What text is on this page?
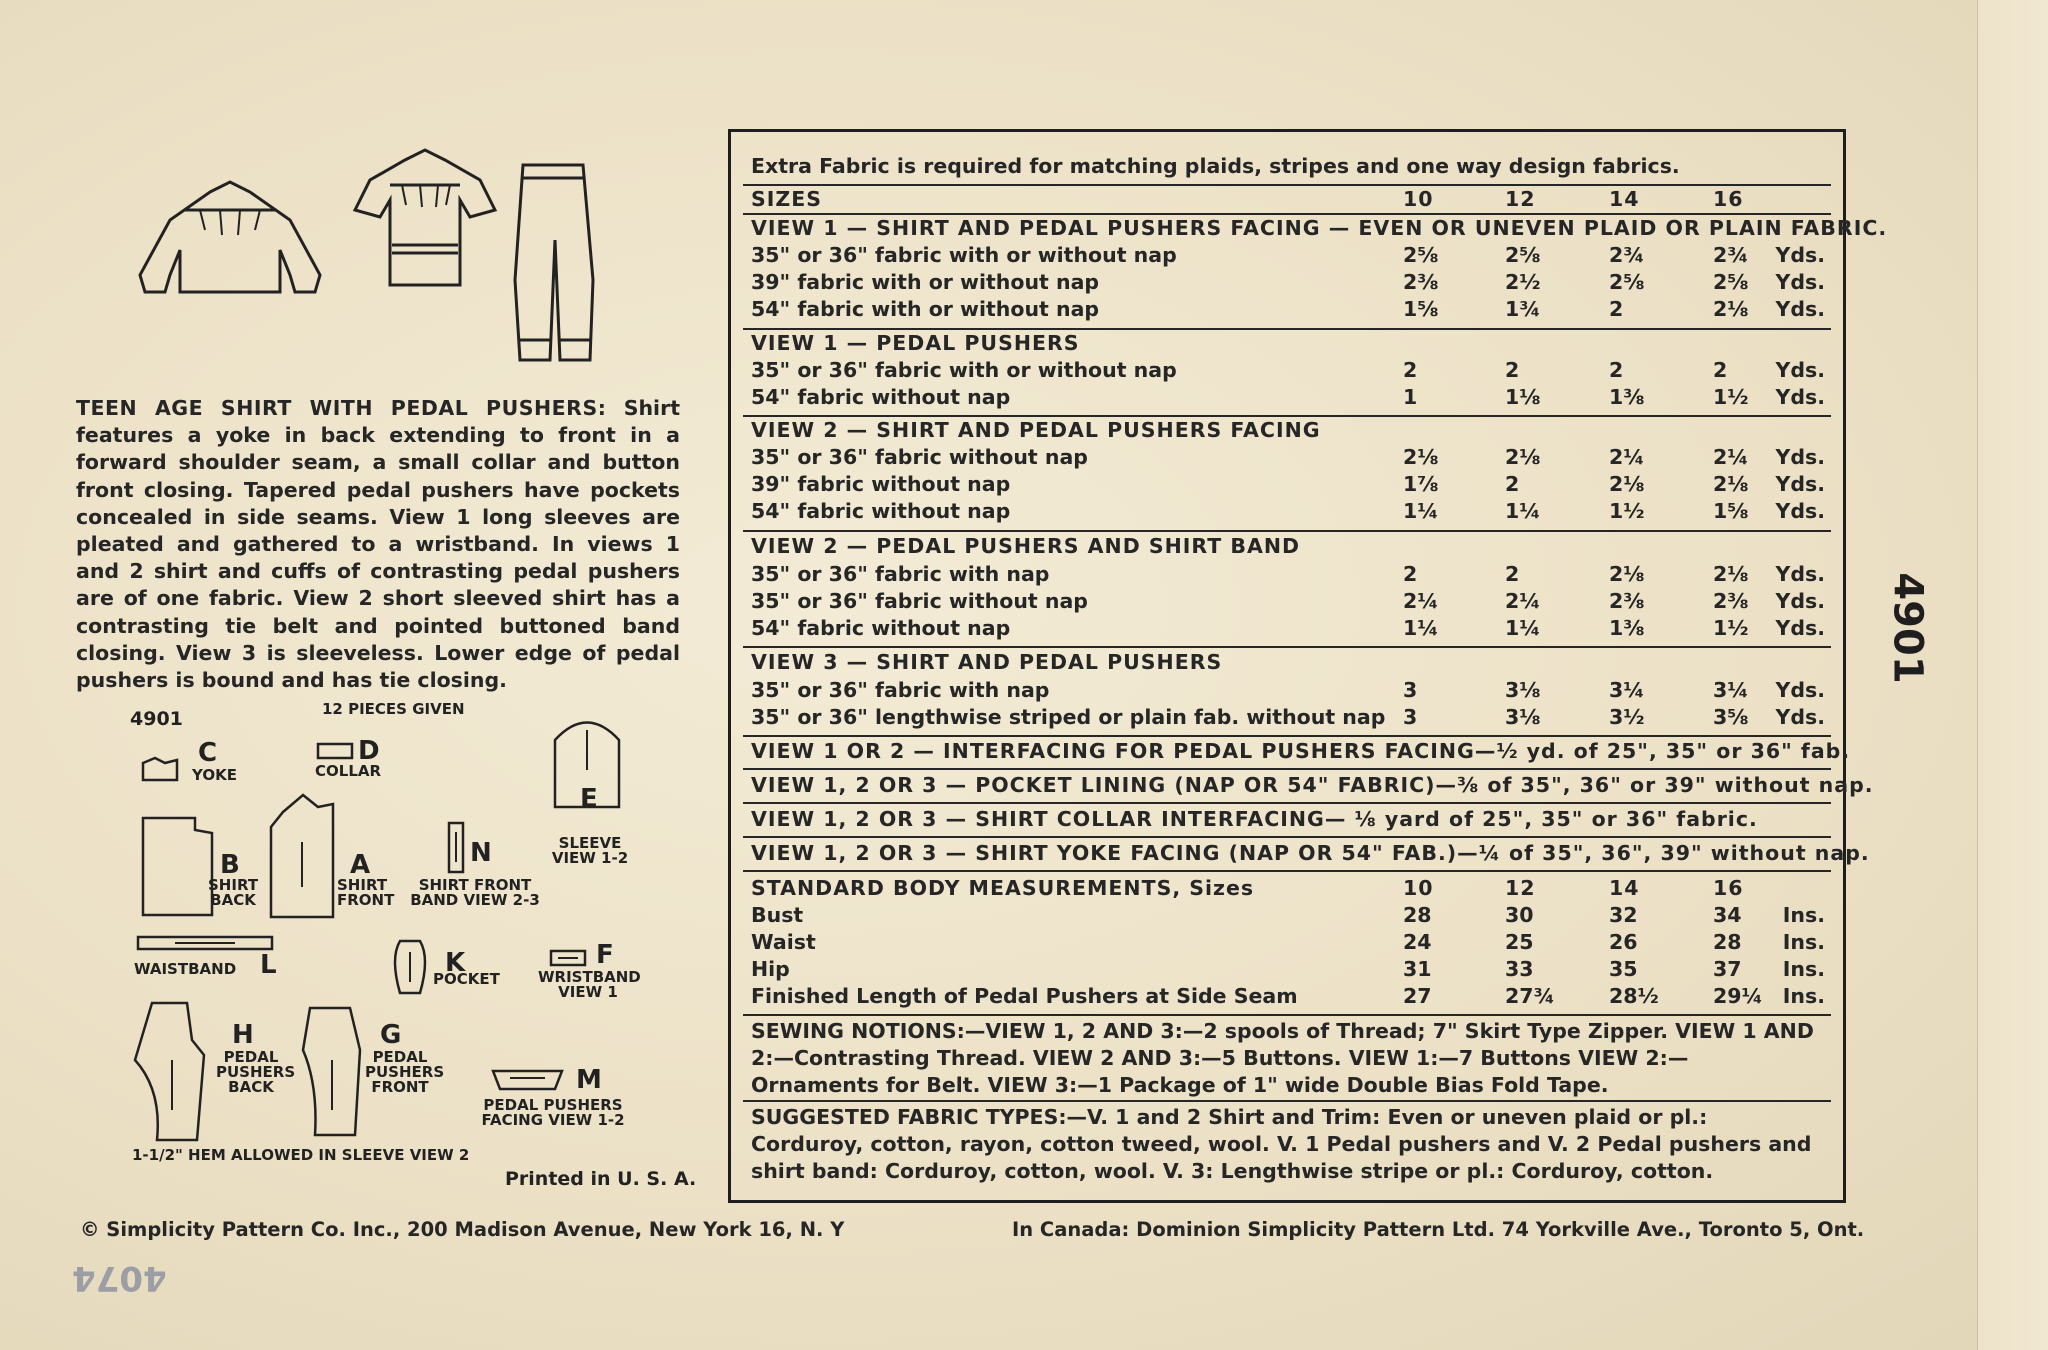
TEEN AGE SHIRT WITH PEDAL PUSHERS: Shirt features a yoke in back extending to front in a forward shoulder seam, a small collar and button front closing. Tapered pedal pushers have pockets concealed in side seams. View 1 long sleeves are pleated and gathered to a wristband. In views 1 and 2 shirt and cuffs of contrasting pedal pushers are of one fabric. View 2 short sleeved shirt has a contrasting tie belt and pointed buttoned band closing. View 3 is sleeveless. Lower edge of pedal pushers is bound and has tie closing.
4901	12 PIECES GIVEN
C
YOKE
D
COLLAR
E
SLEEVE VIEW 1-2
B
SHIRT BACK
A
SHIRT FRONT
N
SHIRT FRONT BAND VIEW 2-3
L
WAISTBAND	K
POCKET
F
WRISTBAND VIEW 1
H
PEDAL PUSHERS BACK
G
PEDAL PUSHERS FRONT	M
PEDAL PUSHERS FACING VIEW 1-2
1-1/2" HEM ALLOWED IN SLEEVE VIEW 2
Printed in U. S. A.
Extra Fabric is required for matching plaids, stripes and one way design fabrics.
SIZES	10	12	14	16
VIEW 1 — SHIRT AND PEDAL PUSHERS FACING — EVEN OR UNEVEN PLAID OR PLAIN FABRIC.
35" or 36" fabric with or without nap	2⅝	2⅝	2¾	2¾	Yds.
39" fabric with or without nap	2⅜	2½	2⅝	2⅝	Yds.
54" fabric with or without nap	1⅝	1¾	2	2⅛	Yds.
VIEW 1 — PEDAL PUSHERS
35" or 36" fabric with or without nap	2	2	2	2	Yds.
54" fabric without nap	1	1⅛	1⅜	1½	Yds.
VIEW 2 — SHIRT AND PEDAL PUSHERS FACING
35" or 36" fabric without nap	2⅛	2⅛	2¼	2¼	Yds.
39" fabric without nap	1⅞	2	2⅛	2⅛	Yds.
54" fabric without nap	1¼	1¼	1½	1⅝	Yds.
VIEW 2 — PEDAL PUSHERS AND SHIRT BAND
35" or 36" fabric with nap	2	2	2⅛	2⅛	Yds.
35" or 36" fabric without nap	2¼	2¼	2⅜	2⅜	Yds.
54" fabric without nap	1¼	1¼	1⅜	1½	Yds.
VIEW 3 — SHIRT AND PEDAL PUSHERS
35" or 36" fabric with nap	3	3⅛	3¼	3¼	Yds.
35" or 36" lengthwise striped or plain fab. without nap 3	3⅛	3½	3⅝	Yds.
VIEW 1 OR 2 — INTERFACING FOR PEDAL PUSHERS FACING—½ yd. of 25", 35" or 36" fab.
VIEW 1, 2 OR 3 — POCKET LINING (NAP OR 54" FABRIC)—⅜ of 35", 36" or 39" without nap.
VIEW 1, 2 OR 3 — SHIRT COLLAR INTERFACING— ⅛ yard of 25", 35" or 36" fabric.
VIEW 1, 2 OR 3 — SHIRT YOKE FACING (NAP OR 54" FAB.)—¼ of 35", 36", 39" without nap.
STANDARD BODY MEASUREMENTS, Sizes	10	12	14	16
Bust	28	30	32	34	Ins.
Waist	24	25	26	28	Ins.
Hip	31	33	35	37	Ins.
Finished Length of Pedal Pushers at Side Seam	27	27¾	28½	29¼ Ins.
SEWING NOTIONS:—VIEW 1, 2 AND 3:—2 spools of Thread; 7" Skirt Type Zipper. VIEW 1 AND 2:—Contrasting Thread. VIEW 2 AND 3:—5 Buttons. VIEW 1:—7 Buttons VIEW 2:— Ornaments for Belt. VIEW 3:—1 Package of 1" wide Double Bias Fold Tape.
SUGGESTED FABRIC TYPES:—V. 1 and 2 Shirt and Trim: Even or uneven plaid or pl.: Corduroy, cotton, rayon, cotton tweed, wool. V. 1 Pedal pushers and V. 2 Pedal pushers and shirt band: Corduroy, cotton, wool. V. 3: Lengthwise stripe or pl.: Corduroy, cotton.
4901
© Simplicity Pattern Co. Inc., 200 Madison Avenue, New York 16, N. Y	In Canada: Dominion Simplicity Pattern Ltd. 74 Yorkville Ave., Toronto 5, Ont.
4074
